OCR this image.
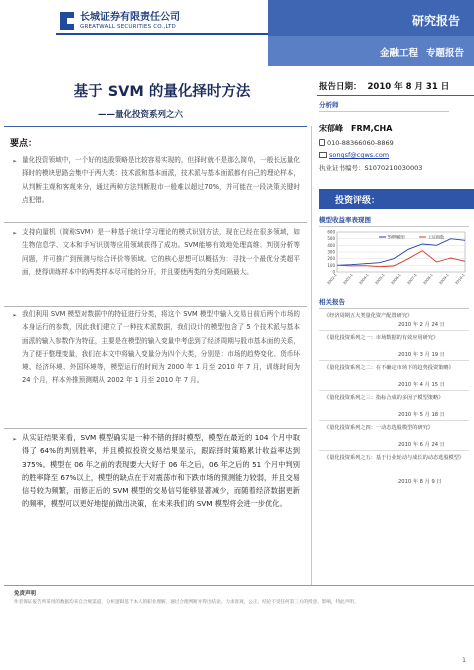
长城证券有限责任公司
GREATWALL SECURITIES CO.,LTD	研究报告
金融工程 专题报告
基于 SVM 的量化择时方法
——量化投资系列之六
报告日期： 2010 年 8 月 31 日
要点：
➢ 量化投资领域中，一个好的选股策略是比较容易实现的，但择时就不是那么简单，一般长远量化择时的模块思路会集中于两大类：技术派和基本面派，技术派与基本面派都有自己的理论样本，从判断主观和客观来分，通过两种方法判断股市一般难以超过70%，并可能在一段决策关键时点犯错。
➢ 支持向量机（简称SVM）是一种基于统计学习理论的模式识别方法，现在已经在很多领域，如生物信息学、文本和手写识别等应用领域获得了成功。SVM能够有效地处理高维、判别分析等问题，并可推广到预测与综合评价等领域。它的核心思想可以概括为：寻找一个最优分类超平面，使得训练样本中的两类样本尽可能的分开，并且要使两类的分类间隔最大。
➢ 我们利用 SVM 模型对数据中的特征进行分类，将这个 SVM 模型中输入交易日前后两个市场的本身运行的参数，因此我们建立了一种技术派数据，我们设计的模型包含了 5 个技术派与基本面派的输入参数作为特征，主要是在模型的输入变量中考虑到了经济周期与股市基本面的关系，为了便于整理变量，我们在本文中将输入变量分为四个大类，分别是：市场的趋势变化、货币环境、经济环境、外国环境等，模型运行的时间为 2000 年 1 月至 2010 年 7 月，训练时间为 24 个月，样本外推预测期从 2002 年 1 月至 2010 年 7 月。
➢ 从实证结果来看，SVM 模型确实是一种不错的择时模型，模型在最近的 104 个月中取得了 64%的判别胜率，并且模拟投资交易结果显示，跟踪择时策略累计收益率达到 375%。模型在 06 年之前的表现要大大好于 06 年之后，06 年之后的 51 个月中判别的胜率降至 67%以上，模型的缺点在于对震荡市和下跌市场的预测能力较弱，并且交易信号较为频繁，而修正后的 SVM 模型的交易信号能够显著减少，而随着经济数据更新的频率，模型可以更好地提前做出决策，在未来我们的 SVM 模型将会进一步优化。
分析师
宋郁峰 FRM,CHA
010-88366060-8869
songsf@cgws.com
执业证书编号：S1070210030003
投资评级：
模型收益率表现图
600
500
400
300
200
100
0
2002-1 2003-1 2004-1 2005-1 2006-1 2007-1 2008-1 2009-1 2010-1
SVM模型	上证指数
相关报告
《经济周期五大类量化资产配置研究》
2010 年 2 月 24 日
《量化投资系列之一：市场数据的有效应用研究》
2010 年 3 月 19 日
《量化投资系列之二：在不确定市场下的趋势投资策略》
2010 年 4 月 15 日
《量化投资系列之三：指标合成的多因子模型策略》
2010 年 5 月 18 日
《量化投资系列之四：一动态选股模型的研究》
2010 年 6 月 24 日
《量化投资系列之五：基于行业轮动与成长的动态选股模型》
2010 年 8 月 9 日
免责声明
作者保证报告所采用的数据均来自合规渠道，分析逻辑基于本人的职业理解，通过合理判断并得出结论，力求客观、公正，结论不受任何第三方的授意、影响，特此声明。
1
